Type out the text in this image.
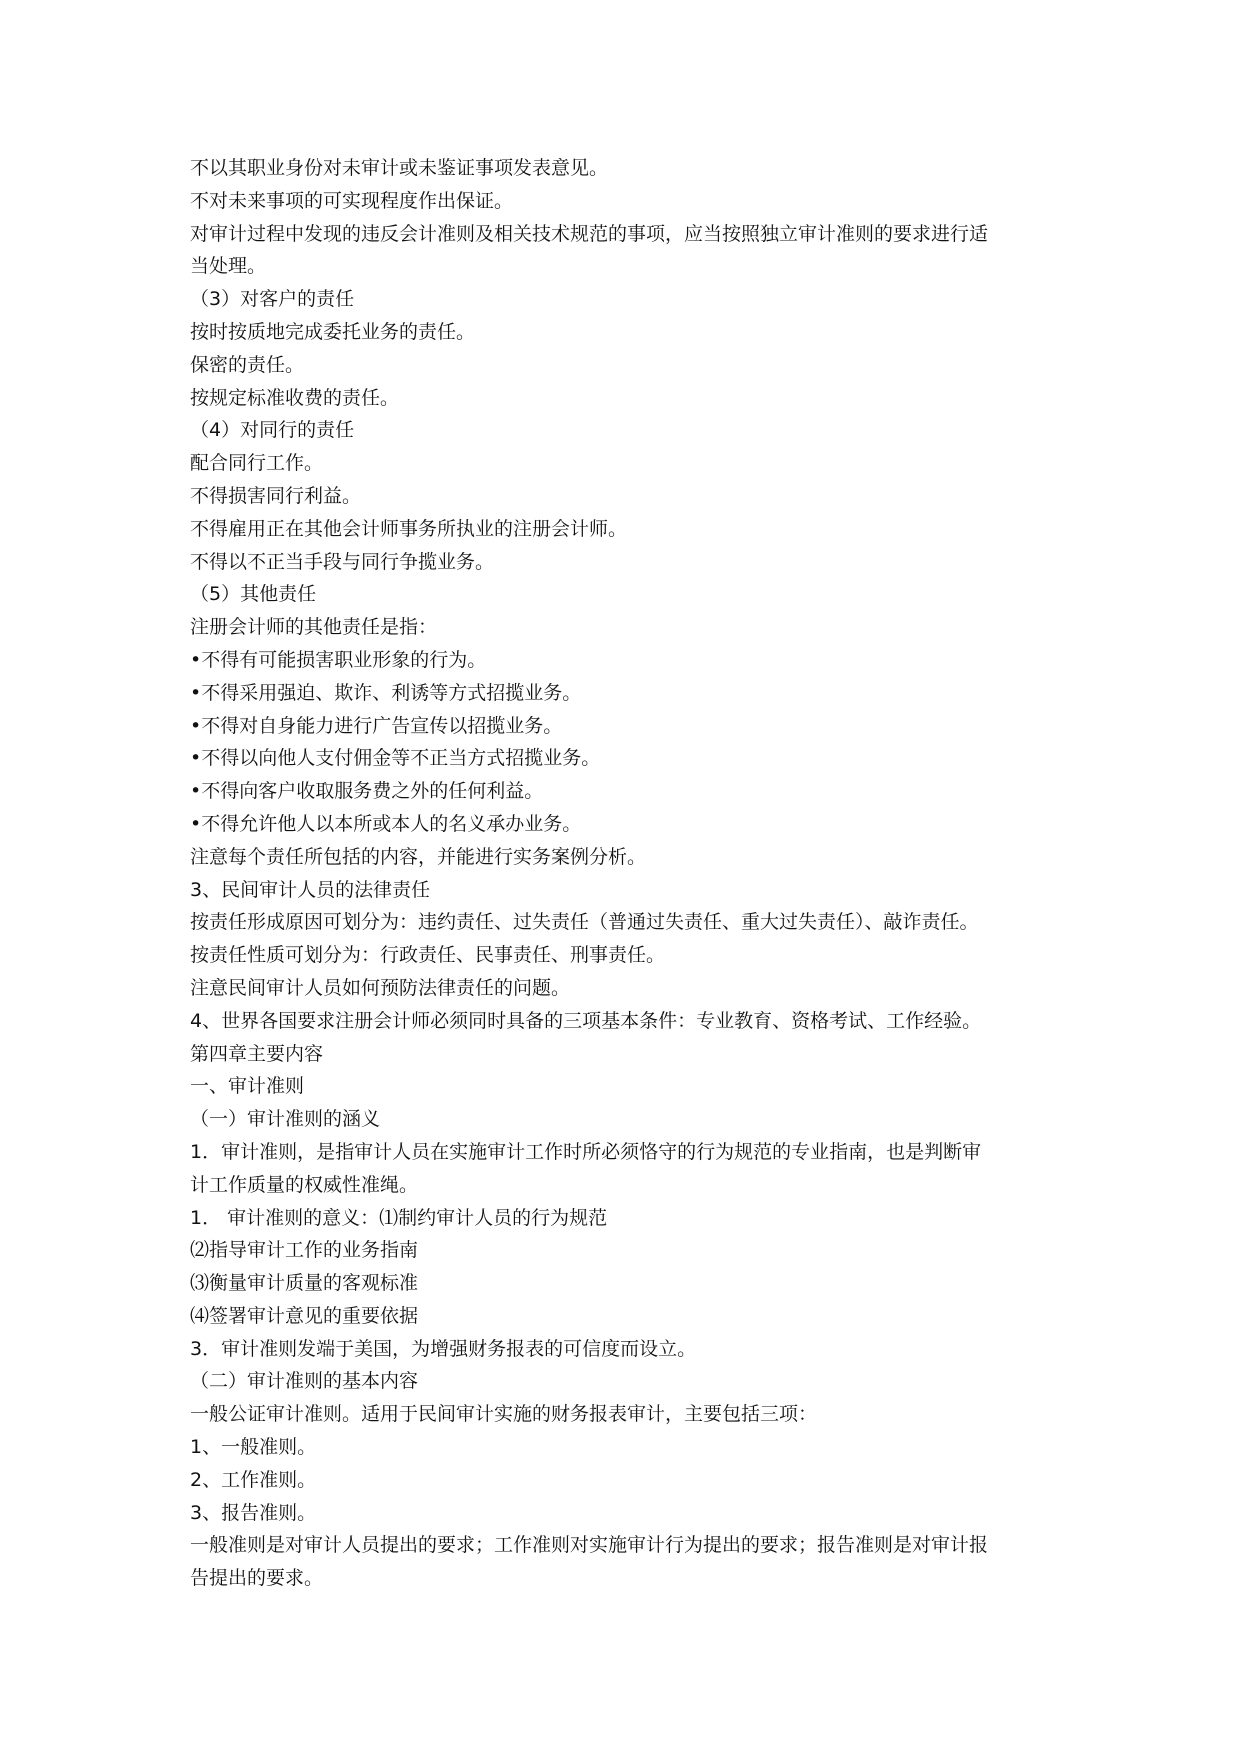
不以其职业身份对未审计或未鉴证事项发表意见。
不对未来事项的可实现程度作出保证。
对审计过程中发现的违反会计准则及相关技术规范的事项，应当按照独立审计准则的要求进行适
当处理。
（3）对客户的责任
按时按质地完成委托业务的责任。
保密的责任。
按规定标准收费的责任。
（4）对同行的责任
配合同行工作。
不得损害同行利益。
不得雇用正在其他会计师事务所执业的注册会计师。
不得以不正当手段与同行争揽业务。
（5）其他责任
注册会计师的其他责任是指：
•不得有可能损害职业形象的行为。
•不得采用强迫、欺诈、利诱等方式招揽业务。
•不得对自身能力进行广告宣传以招揽业务。
•不得以向他人支付佣金等不正当方式招揽业务。
•不得向客户收取服务费之外的任何利益。
•不得允许他人以本所或本人的名义承办业务。
注意每个责任所包括的内容，并能进行实务案例分析。
3、民间审计人员的法律责任
按责任形成原因可划分为：违约责任、过失责任（普通过失责任、重大过失责任）、敲诈责任。
按责任性质可划分为：行政责任、民事责任、刑事责任。
注意民间审计人员如何预防法律责任的问题。
4、世界各国要求注册会计师必须同时具备的三项基本条件：专业教育、资格考试、工作经验。
第四章主要内容
一、审计准则
（一）审计准则的涵义
1．审计准则，是指审计人员在实施审计工作时所必须恪守的行为规范的专业指南，也是判断审
计工作质量的权威性准绳。
1． 审计准则的意义：⑴制约审计人员的行为规范
⑵指导审计工作的业务指南
⑶衡量审计质量的客观标准
⑷签署审计意见的重要依据
3．审计准则发端于美国，为增强财务报表的可信度而设立。
（二）审计准则的基本内容
一般公证审计准则。适用于民间审计实施的财务报表审计，主要包括三项：
1、一般准则。
2、工作准则。
3、报告准则。
一般准则是对审计人员提出的要求；工作准则对实施审计行为提出的要求；报告准则是对审计报
告提出的要求。
